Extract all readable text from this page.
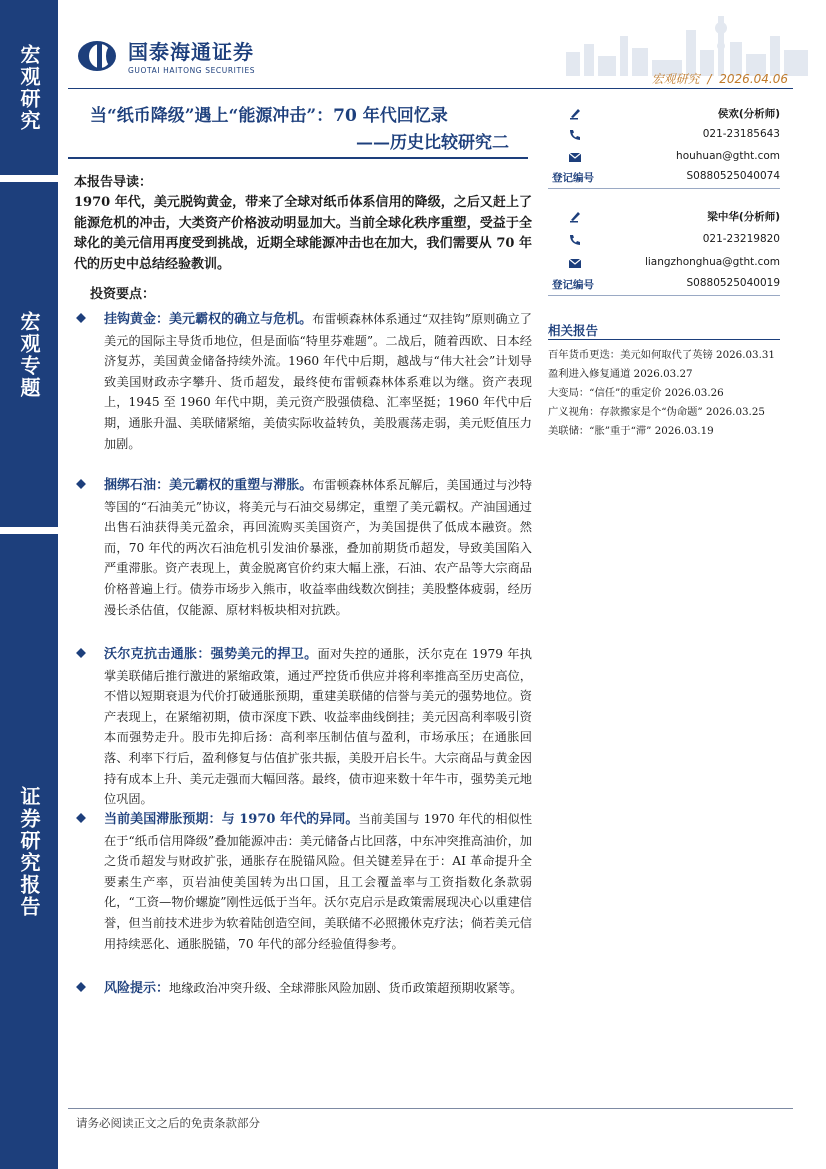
宏观研究
宏观专题
证券研究报告
国泰海通证券
GUOTAI HAITONG SECURITIES
宏观研究 / 2026.04.06
当“纸币降级”遇上“能源冲击”：70 年代回忆录
——历史比较研究二
本报告导读：
1970 年代，美元脱钩黄金，带来了全球对纸币体系信用的降级，之后又赶上了能源危机的冲击，大类资产价格波动明显加大。当前全球化秩序重塑，受益于全球化的美元信用再度受到挑战，近期全球能源冲击也在加大，我们需要从 70 年代的历史中总结经验教训。
投资要点：

挂钩黄金：美元霸权的确立与危机。布雷顿森林体系通过“双挂钩”原则确立了美元的国际主导货币地位，但是面临“特里芬难题”。二战后，随着西欧、日本经济复苏，美国黄金储备持续外流。1960 年代中后期，越战与“伟大社会”计划导致美国财政赤字攀升、货币超发，最终使布雷顿森林体系难以为继。资产表现上，1945 至 1960 年代中期，美元资产股强债稳、汇率坚挺；1960 年代中后期，通胀升温、美联储紧缩，美债实际收益转负，美股震荡走弱，美元贬值压力加剧。

捆绑石油：美元霸权的重塑与滞胀。布雷顿森林体系瓦解后，美国通过与沙特等国的“石油美元”协议，将美元与石油交易绑定，重塑了美元霸权。产油国通过出售石油获得美元盈余，再回流购买美国资产，为美国提供了低成本融资。然而，70 年代的两次石油危机引发油价暴涨，叠加前期货币超发，导致美国陷入严重滞胀。资产表现上，黄金脱离官价约束大幅上涨，石油、农产品等大宗商品价格普遍上行。债券市场步入熊市，收益率曲线数次倒挂；美股整体疲弱，经历漫长杀估值，仅能源、原材料板块相对抗跌。

沃尔克抗击通胀：强势美元的捍卫。面对失控的通胀，沃尔克在 1979 年执掌美联储后推行激进的紧缩政策，通过严控货币供应并将利率推高至历史高位，不惜以短期衰退为代价打破通胀预期，重建美联储的信誉与美元的强势地位。资产表现上，在紧缩初期，债市深度下跌、收益率曲线倒挂；美元因高利率吸引资本而强势走升。股市先抑后扬：高利率压制估值与盈利，市场承压；在通胀回落、利率下行后，盈利修复与估值扩张共振，美股开启长牛。大宗商品与黄金因持有成本上升、美元走强而大幅回落。最终，债市迎来数十年牛市，强势美元地位巩固。

当前美国滞胀预期：与 1970 年代的异同。当前美国与 1970 年代的相似性在于“纸币信用降级”叠加能源冲击：美元储备占比回落，中东冲突推高油价，加之货币超发与财政扩张，通胀存在脱锚风险。但关键差异在于：AI 革命提升全要素生产率，页岩油使美国转为出口国，且工会覆盖率与工资指数化条款弱化，“工资—物价螺旋”刚性远低于当年。沃尔克启示是政策需展现决心以重建信誉，但当前技术进步为软着陆创造空间，美联储不必照搬休克疗法；倘若美元信用持续恶化、通胀脱锚，70 年代的部分经验值得参考。

风险提示：地缘政治冲突升级、全球滞胀风险加剧、货币政策超预期收紧等。

侯欢(分析师)
021-23185643
houhuan@gtht.com
登记编号	S0880525040074
梁中华(分析师)
021-23219820
liangzhonghua@gtht.com
登记编号	S0880525040019
相关报告
百年货币更迭：美元如何取代了英镑 2026.03.31
盈利进入修复通道 2026.03.27
大变局：“信任”的重定价 2026.03.26
广义视角：存款搬家是个“伪命题” 2026.03.25
美联储：“胀”重于“滞” 2026.03.19
请务必阅读正文之后的免责条款部分
